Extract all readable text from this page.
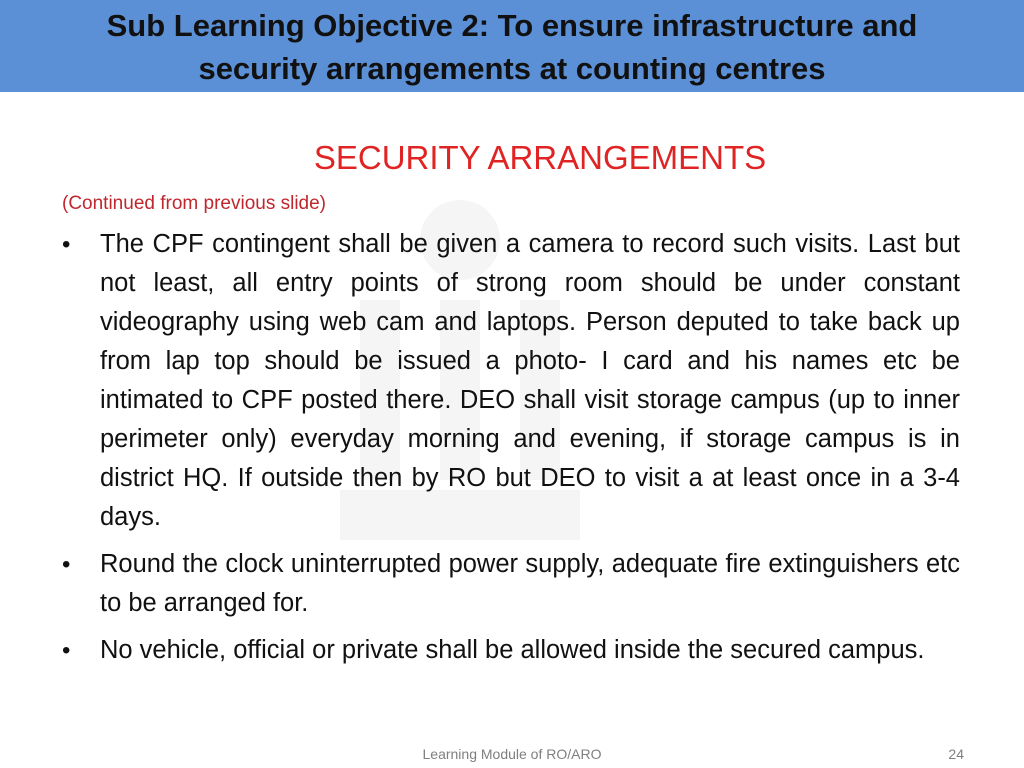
Sub Learning Objective 2: To ensure infrastructure and
security arrangements at counting centres
SECURITY ARRANGEMENTS
(Continued from previous slide)
• The CPF contingent shall be given a camera to record such visits. Last but not least, all entry points of strong room should be under constant videography using web cam and laptops. Person deputed to take back up from lap top should be issued a photo- I card and his names etc be intimated to CPF posted there. DEO shall visit storage campus (up to inner perimeter only) everyday morning and evening, if storage campus is in district HQ. If outside then by RO but DEO to visit a at least once in a 3-4 days.
• Round the clock uninterrupted power supply, adequate fire extinguishers etc to be arranged for.
• No vehicle, official or private shall be allowed inside the secured campus.
Learning Module of RO/ARO	24
